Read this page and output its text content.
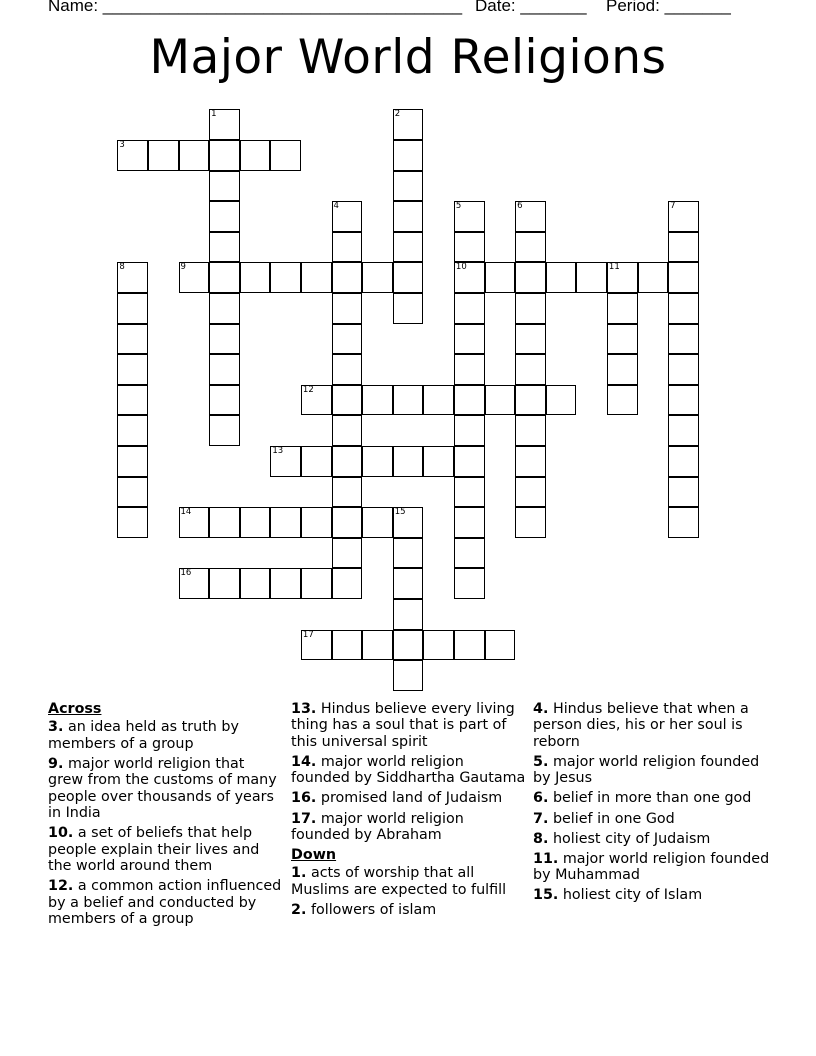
Name: ______________________________________ Date: _______ Period: _______
Major World Religions
1	2
3
4	5
10
6	7
8	9	11
12
13
14	15
16
17
Across
3. an idea held as truth by members of a group
9. major world religion that grew from the customs of many people over thousands of years in India
10. a set of beliefs that help people explain their lives and the world around them
12. a common action influenced by a belief and conducted by members of a group
13. Hindus believe every living thing has a soul that is part of this universal spirit
14. major world religion founded by Siddhartha Gautama
16. promised land of Judaism
17. major world religion founded by Abraham
Down
1. acts of worship that all Muslims are expected to fulfill
2. followers of islam
4. Hindus believe that when a person dies, his or her soul is reborn
5. major world religion founded by Jesus
6. belief in more than one god
7. belief in one God
8. holiest city of Judaism
11. major world religion founded by Muhammad
15. holiest city of Islam
